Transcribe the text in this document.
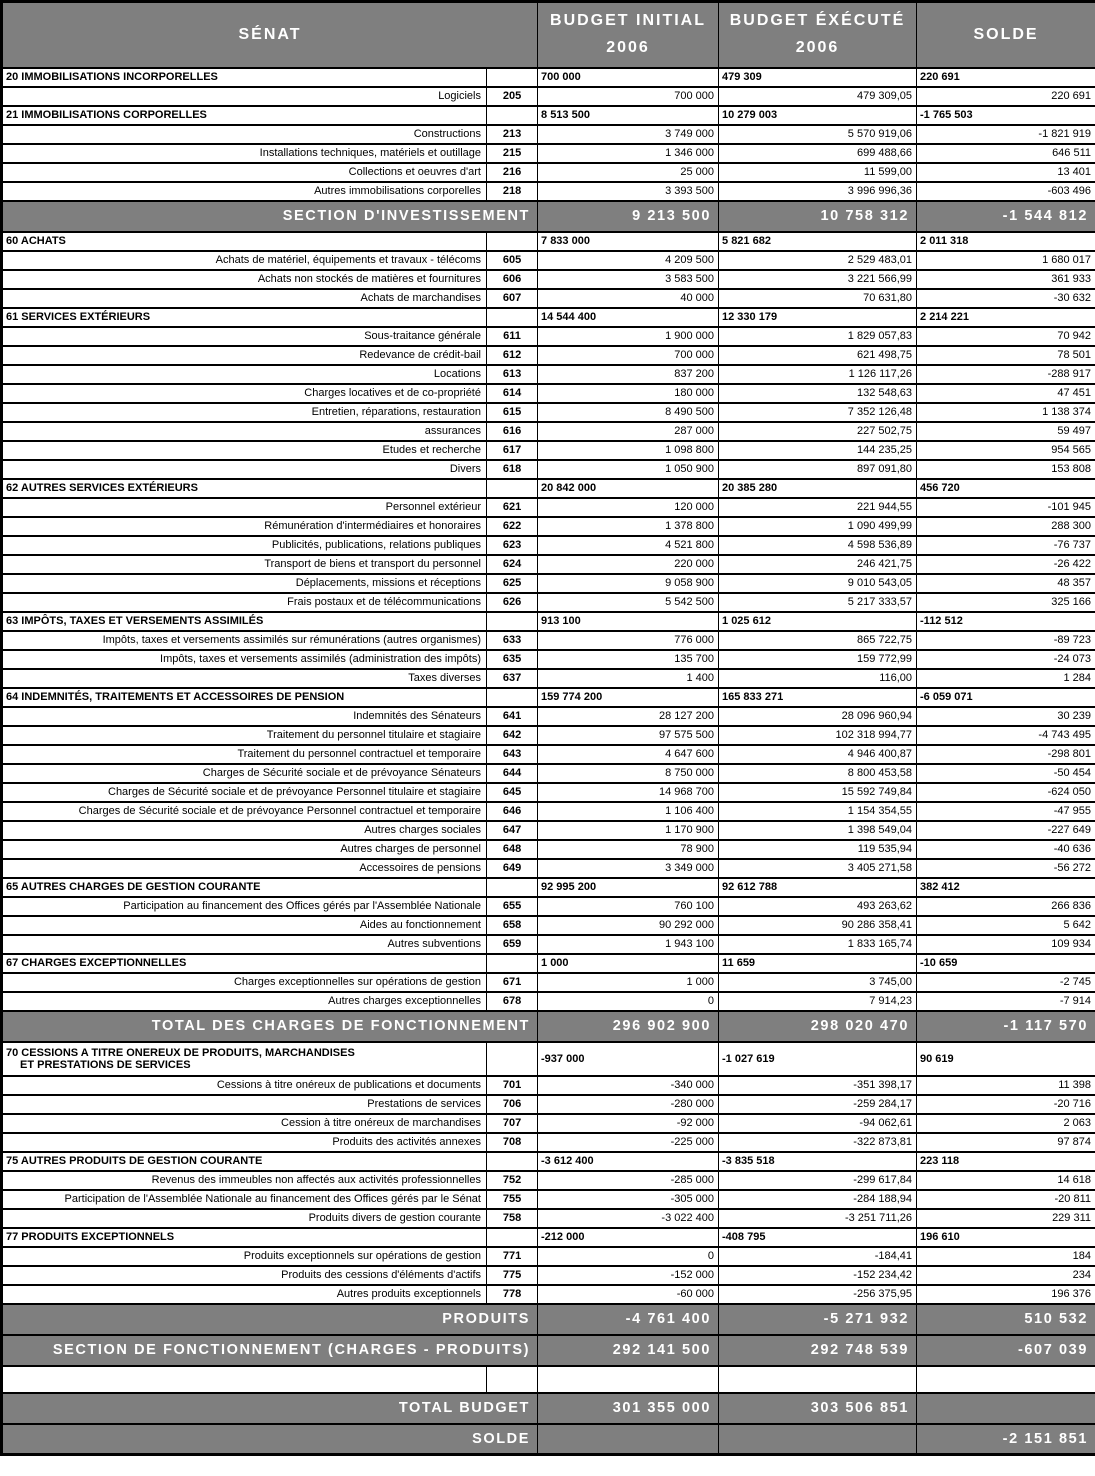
SÉNAT

BUDGET INITIAL
2006

BUDGET ÉXÉCUTÉ
2006

SOLDE

20 IMMOBILISATIONS INCORPORELLES		700 000	479 309	220 691
Logiciels	205	700 000	479 309,05	220 691

21 IMMOBILISATIONS CORPORELLES		8 513 500	10 279 003	-1 765 503
Constructions	213	3 749 000	5 570 919,06	-1 821 919
Installations techniques, matériels et outillage	215	1 346 000	699 488,66	646 511
Collections et oeuvres d'art	216	25 000	11 599,00	13 401
Autres immobilisations corporelles	218	3 393 500	3 996 996,36	-603 496
SECTION D'INVESTISSEMENT		9 213 500	10 758 312	-1 544 812

60 ACHATS		7 833 000	5 821 682	2 011 318
Achats de matériel, équipements et travaux - télécoms	605	4 209 500	2 529 483,01	1 680 017
Achats non stockés de matières et fournitures	606	3 583 500	3 221 566,99	361 933
Achats de marchandises	607	40 000	70 631,80	-30 632

61 SERVICES EXTÉRIEURS		14 544 400	12 330 179	2 214 221
Sous-traitance générale	611	1 900 000	1 829 057,83	70 942
Redevance de crédit-bail	612	700 000	621 498,75	78 501
Locations	613	837 200	1 126 117,26	-288 917
Charges locatives et de co-propriété	614	180 000	132 548,63	47 451
Entretien, réparations, restauration	615	8 490 500	7 352 126,48	1 138 374
assurances	616	287 000	227 502,75	59 497
Etudes et recherche	617	1 098 800	144 235,25	954 565
Divers	618	1 050 900	897 091,80	153 808

62 AUTRES SERVICES EXTÉRIEURS		20 842 000	20 385 280	456 720
Personnel extérieur	621	120 000	221 944,55	-101 945
Rémunération d'intermédiaires et honoraires	622	1 378 800	1 090 499,99	288 300
Publicités, publications, relations publiques	623	4 521 800	4 598 536,89	-76 737
Transport de biens et transport du personnel	624	220 000	246 421,75	-26 422
Déplacements, missions et réceptions	625	9 058 900	9 010 543,05	48 357
Frais postaux et de télécommunications	626	5 542 500	5 217 333,57	325 166

63 IMPÔTS, TAXES ET VERSEMENTS ASSIMILÉS		913 100	1 025 612	-112 512
Impôts, taxes et versements assimilés sur rémunérations (autres organismes)	633	776 000	865 722,75	-89 723
Impôts, taxes et versements assimilés (administration des impôts)	635	135 700	159 772,99	-24 073
Taxes diverses	637	1 400	116,00	1 284

64 INDEMNITÉS, TRAITEMENTS ET ACCESSOIRES DE PENSION		159 774 200	165 833 271	-6 059 071
Indemnités des Sénateurs	641	28 127 200	28 096 960,94	30 239
Traitement du personnel titulaire et stagiaire	642	97 575 500	102 318 994,77	-4 743 495
Traitement du personnel contractuel et temporaire	643	4 647 600	4 946 400,87	-298 801
Charges de Sécurité sociale et de prévoyance Sénateurs	644	8 750 000	8 800 453,58	-50 454
Charges de Sécurité sociale et de prévoyance Personnel titulaire et stagiaire	645	14 968 700	15 592 749,84	-624 050
Charges de Sécurité sociale et de prévoyance Personnel contractuel et temporaire	646	1 106 400	1 154 354,55	-47 955
Autres charges sociales	647	1 170 900	1 398 549,04	-227 649
Autres charges de personnel	648	78 900	119 535,94	-40 636
Accessoires de pensions	649	3 349 000	3 405 271,58	-56 272

65 AUTRES CHARGES DE GESTION COURANTE		92 995 200	92 612 788	382 412
Participation au financement des Offices gérés par l'Assemblée Nationale	655	760 100	493 263,62	266 836
Aides au fonctionnement	658	90 292 000	90 286 358,41	5 642
Autres subventions	659	1 943 100	1 833 165,74	109 934

67 CHARGES EXCEPTIONNELLES		1 000	11 659	-10 659
Charges exceptionnelles sur opérations de gestion	671	1 000	3 745,00	-2 745
Autres charges exceptionnelles	678	0	7 914,23	-7 914
TOTAL DES CHARGES DE FONCTIONNEMENT		296 902 900	298 020 470	-1 117 570

70 CESSIONS A TITRE ONEREUX DE PRODUITS, MARCHANDISES
ET PRESTATIONS DE SERVICES		-937 000	-1 027 619	90 619
Cessions à titre onéreux de publications et documents	701	-340 000	-351 398,17	11 398
Prestations de services	706	-280 000	-259 284,17	-20 716
Cession à titre onéreux de marchandises	707	-92 000	-94 062,61	2 063
Produits des activités annexes	708	-225 000	-322 873,81	97 874

75 AUTRES PRODUITS DE GESTION COURANTE		-3 612 400	-3 835 518	223 118
Revenus des immeubles non affectés aux activités professionnelles	752	-285 000	-299 617,84	14 618
Participation de l'Assemblée Nationale au financement des Offices gérés par le Sénat	755	-305 000	-284 188,94	-20 811
Produits divers de gestion courante	758	-3 022 400	-3 251 711,26	229 311

77 PRODUITS EXCEPTIONNELS		-212 000	-408 795	196 610
Produits exceptionnels sur opérations de gestion	771	0	-184,41	184
Produits des cessions d'éléments d'actifs	775	-152 000	-152 234,42	234
Autres produits exceptionnels	778	-60 000	-256 375,95	196 376
PRODUITS		-4 761 400	-5 271 932	510 532
SECTION DE FONCTIONNEMENT (CHARGES - PRODUITS)		292 141 500	292 748 539	-607 039

TOTAL BUDGET		301 355 000	303 506 851	
SOLDE				-2 151 851
